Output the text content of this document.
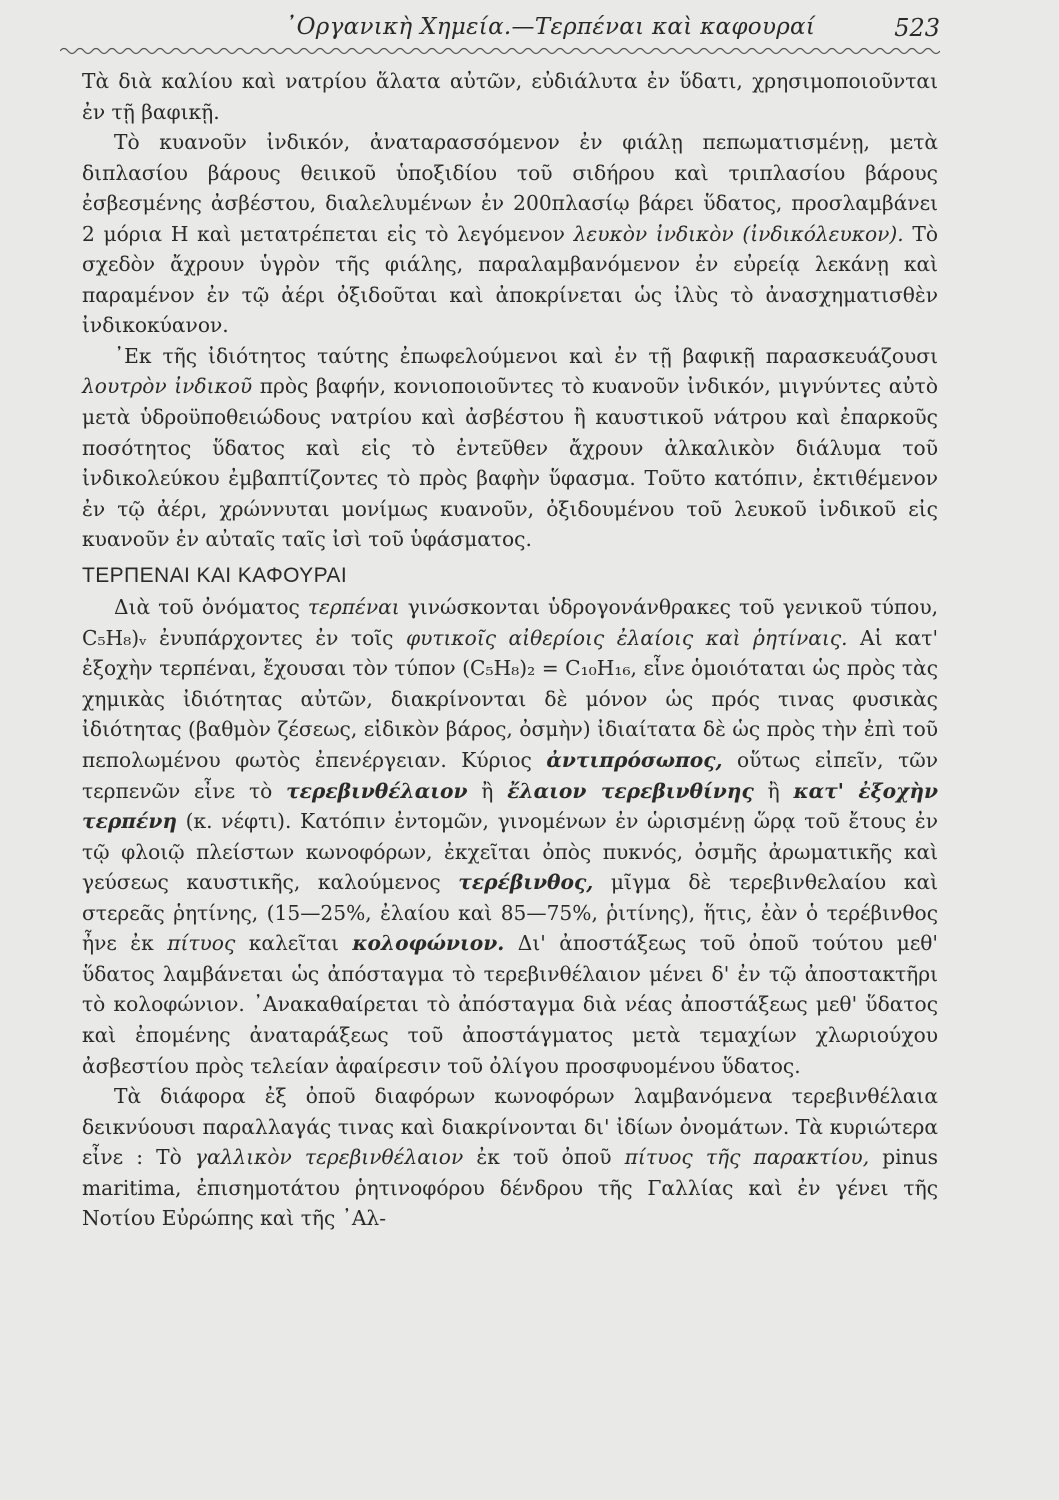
᾿Οργανικὴ Χημεία.—Τερπέναι καὶ καφουραί	523

Τὰ διὰ καλίου καὶ νατρίου ἅλατα αὐτῶν, εὐδιάλυτα ἐν ὕδατι, χρησιμοποιοῦνται ἐν τῇ βαφικῇ.

Τὸ κυανοῦν ἰνδικόν, ἀναταρασσόμενον ἐν φιάλῃ πεπωματισμένῃ, μετὰ διπλασίου βάρους θειικοῦ ὑποξιδίου τοῦ σιδήρου καὶ τριπλασίου βάρους ἐσβεσμένης ἀσβέστου, διαλελυμένων ἐν 200πλασίῳ βάρει ὕδατος, προσλαμβάνει 2 μόρια Η καὶ μετατρέπεται εἰς τὸ λεγόμενον λευκὸν ἰνδικὸν (ἰνδικόλευκον). Τὸ σχεδὸν ἄχρουν ὑγρὸν τῆς φιάλης, παραλαμβανόμενον ἐν εὐρείᾳ λεκάνῃ καὶ παραμένον ἐν τῷ ἀέρι ὀξιδοῦται καὶ ἀποκρίνεται ὡς ἰλὺς τὸ ἀνασχηματισθὲν ἰνδικοκύανον.

᾿Εκ τῆς ἰδιότητος ταύτης ἐπωφελούμενοι καὶ ἐν τῇ βαφικῇ παρασκευάζουσι λουτρὸν ἰνδικοῦ πρὸς βαφήν, κονιοποιοῦντες τὸ κυανοῦν ἰνδικόν, μιγνύντες αὐτὸ μετὰ ὑδροϋποθειώδους νατρίου καὶ ἀσβέστου ἢ καυστικοῦ νάτρου καὶ ἐπαρκοῦς ποσότητος ὕδατος καὶ εἰς τὸ ἐντεῦθεν ἄχρουν ἀλκαλικὸν διάλυμα τοῦ ἰνδικολεύκου ἐμβαπτίζοντες τὸ πρὸς βαφὴν ὕφασμα. Τοῦτο κατόπιν, ἐκτιθέμενον ἐν τῷ ἀέρι, χρώννυται μονίμως κυανοῦν, ὀξιδουμένου τοῦ λευκοῦ ἰνδικοῦ εἰς κυανοῦν ἐν αὐταῖς ταῖς ἰσὶ τοῦ ὑφάσματος.

ΤΕΡΠΕΝΑΙ ΚΑΙ ΚΑΦΟΥΡΑΙ

Διὰ τοῦ ὀνόματος τερπέναι γινώσκονται ὑδρογονάνθρακες τοῦ γενικοῦ τύπου, C₅H₈)ᵥ ἐνυπάρχοντες ἐν τοῖς φυτικοῖς αἰθερίοις ἐλαίοις καὶ ῥητίναις. Αἱ κατ' ἐξοχὴν τερπέναι, ἔχουσαι τὸν τύπον (C₅H₈)₂ = C₁₀H₁₆, εἶνε ὁμοιόταται ὡς πρὸς τὰς χημικὰς ἰδιότητας αὐτῶν, διακρίνονται δὲ μόνον ὡς πρός τινας φυσικὰς ἰδιότητας (βαθμὸν ζέσεως, εἰδικὸν βάρος, ὀσμὴν) ἰδιαίτατα δὲ ὡς πρὸς τὴν ἐπὶ τοῦ πεπολωμένου φωτὸς ἐπενέργειαν. Κύριος ἀντιπρόσωπος, οὕτως εἰπεῖν, τῶν τερπενῶν εἶνε τὸ τερεβινθέλαιον ἢ ἔλαιον τερεβινθίνης ἢ κατ' ἐξοχὴν τερπένη (κ. νέφτι). Κατόπιν ἐντομῶν, γινομένων ἐν ὡρισμένῃ ὥρᾳ τοῦ ἔτους ἐν τῷ φλοιῷ πλείστων κωνοφόρων, ἐκχεῖται ὀπὸς πυκνός, ὀσμῆς ἀρωματικῆς καὶ γεύσεως καυστικῆς, καλούμενος τερέβινθος, μῖγμα δὲ τερεβινθελαίου καὶ στερεᾶς ῥητίνης, (15—25%, ἐλαίου καὶ 85—75%, ῥιτίνης), ἥτις, ἐὰν ὁ τερέβινθος ἦνε ἐκ πίτυος καλεῖται κολοφώνιον. Δι' ἀποστάξεως τοῦ ὀποῦ τούτου μεθ' ὕδατος λαμβάνεται ὡς ἀπόσταγμα τὸ τερεβινθέλαιον μένει δ' ἐν τῷ ἀποστακτῆρι τὸ κολοφώνιον. ᾿Ανακαθαίρεται τὸ ἀπόσταγμα διὰ νέας ἀποστάξεως μεθ' ὕδατος καὶ ἐπομένης ἀναταράξεως τοῦ ἀποστάγματος μετὰ τεμαχίων χλωριούχου ἀσβεστίου πρὸς τελείαν ἀφαίρεσιν τοῦ ὀλίγου προσφυομένου ὕδατος.

Τὰ διάφορα ἐξ ὀποῦ διαφόρων κωνοφόρων λαμβανόμενα τερεβινθέλαια δεικνύουσι παραλλαγάς τινας καὶ διακρίνονται δι' ἰδίων ὀνομάτων. Τὰ κυριώτερα εἶνε : Τὸ γαλλικὸν τερεβινθέλαιον ἐκ τοῦ ὀποῦ πίτυος τῆς παρακτίου, pinus maritima, ἐπισημοτάτου ῥητινοφόρου δένδρου τῆς Γαλλίας καὶ ἐν γένει τῆς Νοτίου Εὐρώπης καὶ τῆς ᾿Αλ-
